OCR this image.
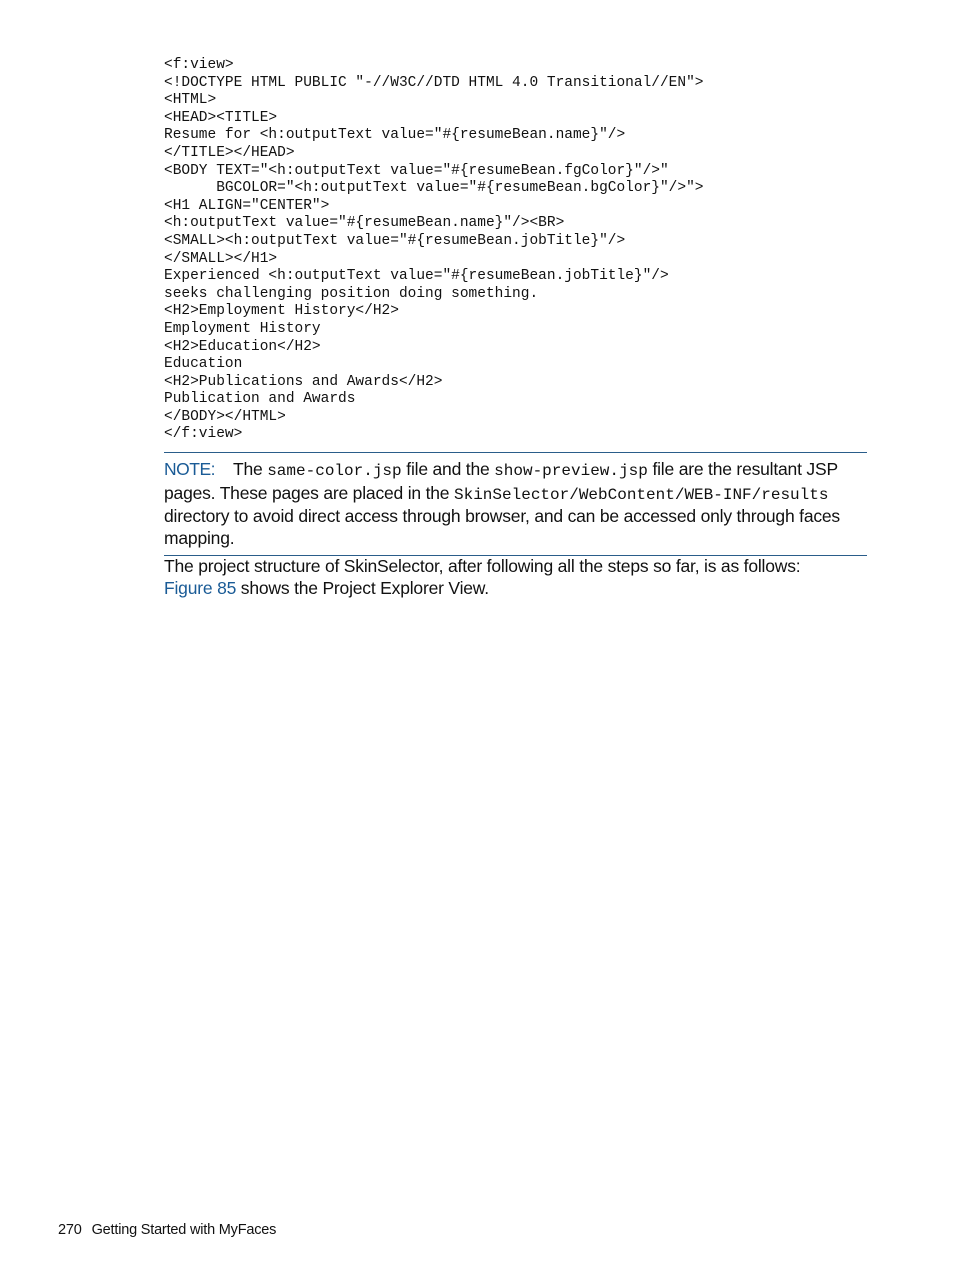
<f:view>
<!DOCTYPE HTML PUBLIC "-//W3C//DTD HTML 4.0 Transitional//EN">
<HTML>
<HEAD><TITLE>
Resume for <h:outputText value="#{resumeBean.name}"/>
</TITLE></HEAD>
<BODY TEXT="<h:outputText value="#{resumeBean.fgColor}"/>"
BGCOLOR="<h:outputText value="#{resumeBean.bgColor}"/>">
<H1 ALIGN="CENTER">
<h:outputText value="#{resumeBean.name}"/><BR>
<SMALL><h:outputText value="#{resumeBean.jobTitle}"/>
</SMALL></H1>
Experienced <h:outputText value="#{resumeBean.jobTitle}"/>
seeks challenging position doing something.
<H2>Employment History</H2>
Employment History
<H2>Education</H2>
Education
<H2>Publications and Awards</H2>
Publication and Awards
</BODY></HTML>
</f:view>
NOTE: The same-color.jsp file and the show-preview.jsp file are the resultant JSP pages. These pages are placed in the SkinSelector/WebContent/WEB-INF/results directory to avoid direct access through browser, and can be accessed only through faces mapping.

The project structure of SkinSelector, after following all the steps so far, is as follows:

Figure 85 shows the Project Explorer View.

270 Getting Started with MyFaces
